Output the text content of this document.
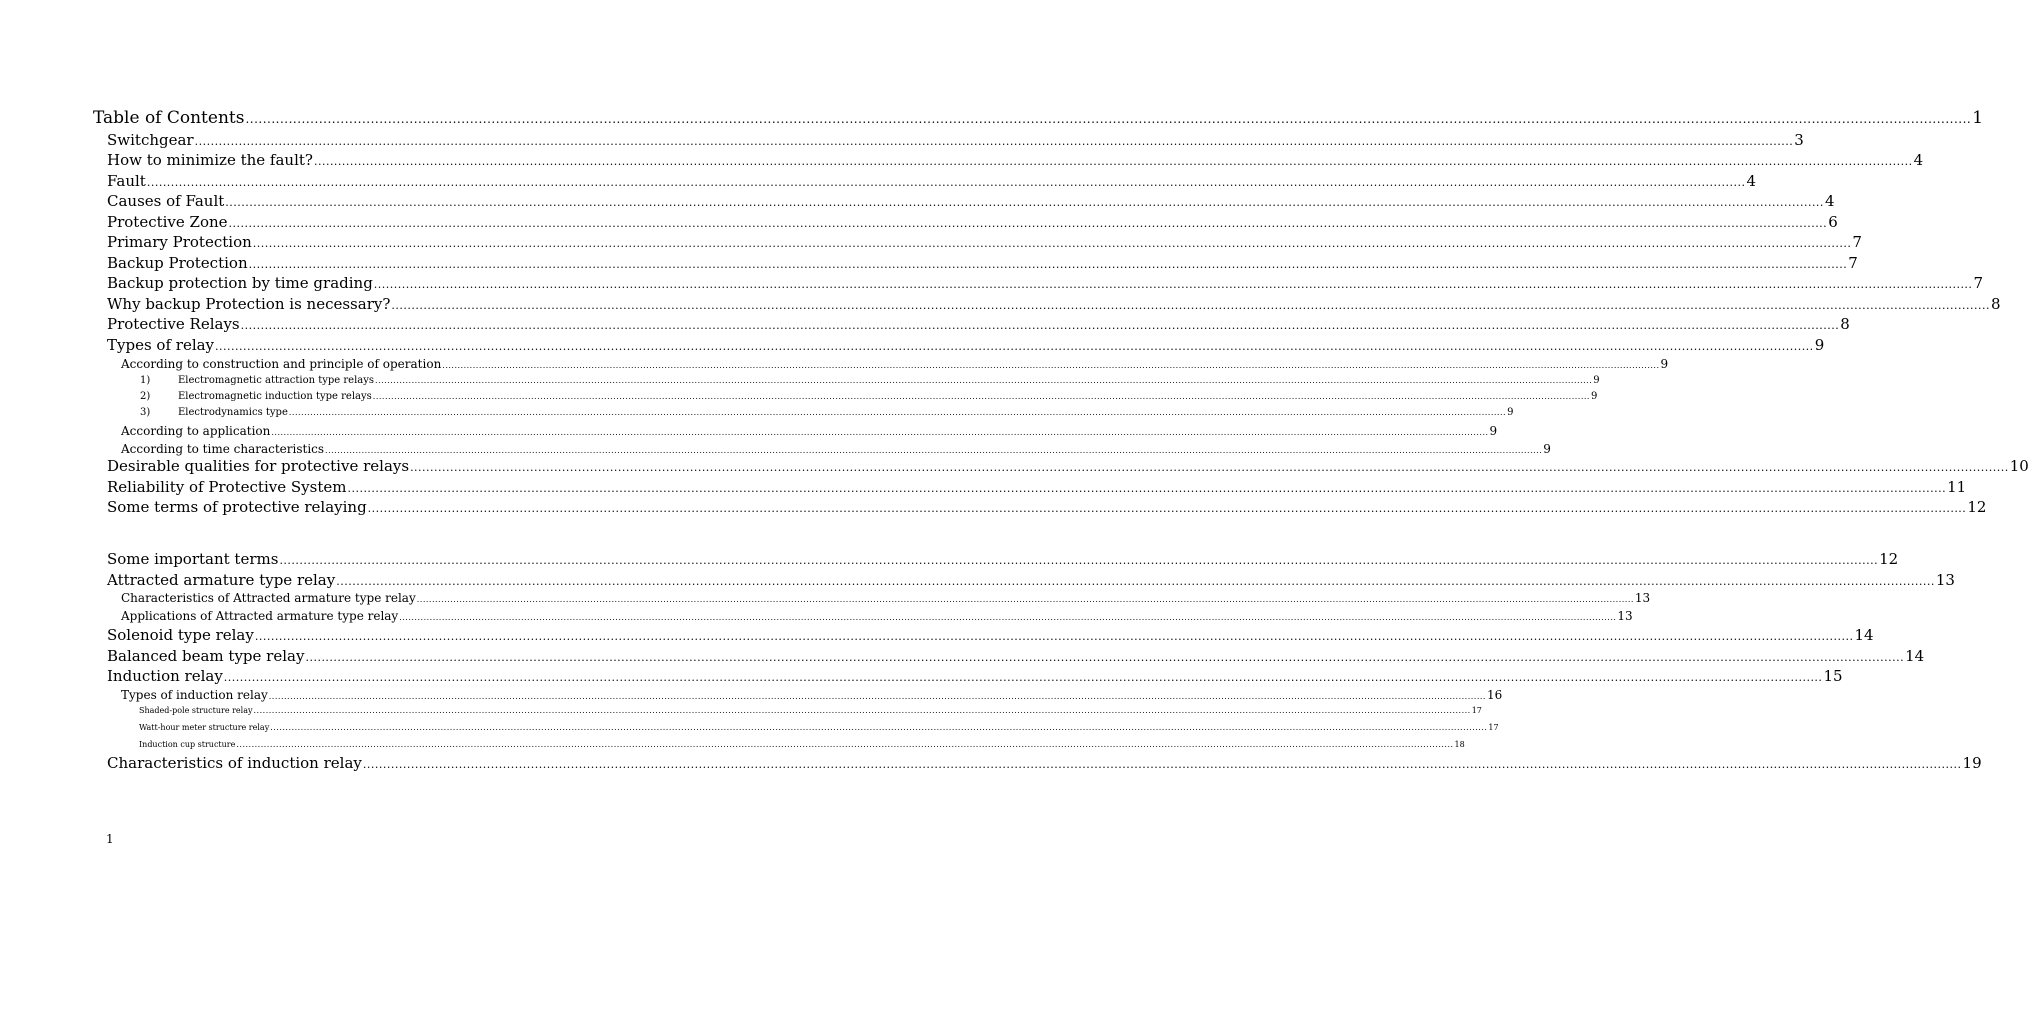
Table of Contents ................................................................................................................................................................................................................................................................................................................................................................................................................ 1
Switchgear ................................................................................................................................................................................................................................................................................................................................................................................................................ 3
How to minimize the fault? ................................................................................................................................................................................................................................................................................................................................................................................................................ 4
Fault ................................................................................................................................................................................................................................................................................................................................................................................................................ 4
Causes of Fault ................................................................................................................................................................................................................................................................................................................................................................................................................ 4
Protective Zone ................................................................................................................................................................................................................................................................................................................................................................................................................ 6
Primary Protection ................................................................................................................................................................................................................................................................................................................................................................................................................ 7
Backup Protection ................................................................................................................................................................................................................................................................................................................................................................................................................ 7
Backup protection by time grading ................................................................................................................................................................................................................................................................................................................................................................................................................ 7
Why backup Protection is necessary? ................................................................................................................................................................................................................................................................................................................................................................................................................ 8
Protective Relays ................................................................................................................................................................................................................................................................................................................................................................................................................ 8
Types of relay ................................................................................................................................................................................................................................................................................................................................................................................................................ 9
According to construction and principle of operation ................................................................................................................................................................................................................................................................................................................................................................................................................ 9
1)	Electromagnetic attraction type relays ................................................................................................................................................................................................................................................................................................................................................................................................................ 9
2)	Electromagnetic induction type relays ................................................................................................................................................................................................................................................................................................................................................................................................................ 9
3)	Electrodynamics type ................................................................................................................................................................................................................................................................................................................................................................................................................ 9
According to application ................................................................................................................................................................................................................................................................................................................................................................................................................ 9
According to time characteristics ................................................................................................................................................................................................................................................................................................................................................................................................................ 9
Desirable qualities for protective relays ................................................................................................................................................................................................................................................................................................................................................................................................................ 10
Reliability of Protective System ................................................................................................................................................................................................................................................................................................................................................................................................................ 11
Some terms of protective relaying ................................................................................................................................................................................................................................................................................................................................................................................................................ 12
Some important terms ................................................................................................................................................................................................................................................................................................................................................................................................................ 12
Attracted armature type relay ................................................................................................................................................................................................................................................................................................................................................................................................................ 13
Characteristics of Attracted armature type relay ................................................................................................................................................................................................................................................................................................................................................................................................................ 13
Applications of Attracted armature type relay ................................................................................................................................................................................................................................................................................................................................................................................................................ 13
Solenoid type relay ................................................................................................................................................................................................................................................................................................................................................................................................................ 14
Balanced beam type relay ................................................................................................................................................................................................................................................................................................................................................................................................................ 14
Induction relay ................................................................................................................................................................................................................................................................................................................................................................................................................ 15
Types of induction relay ................................................................................................................................................................................................................................................................................................................................................................................................................ 16
Shaded-pole structure relay ................................................................................................................................................................................................................................................................................................................................................................................................................ 17
Watt-hour meter structure relay ................................................................................................................................................................................................................................................................................................................................................................................................................ 17
Induction cup structure ................................................................................................................................................................................................................................................................................................................................................................................................................ 18
Characteristics of induction relay ................................................................................................................................................................................................................................................................................................................................................................................................................ 19
1
